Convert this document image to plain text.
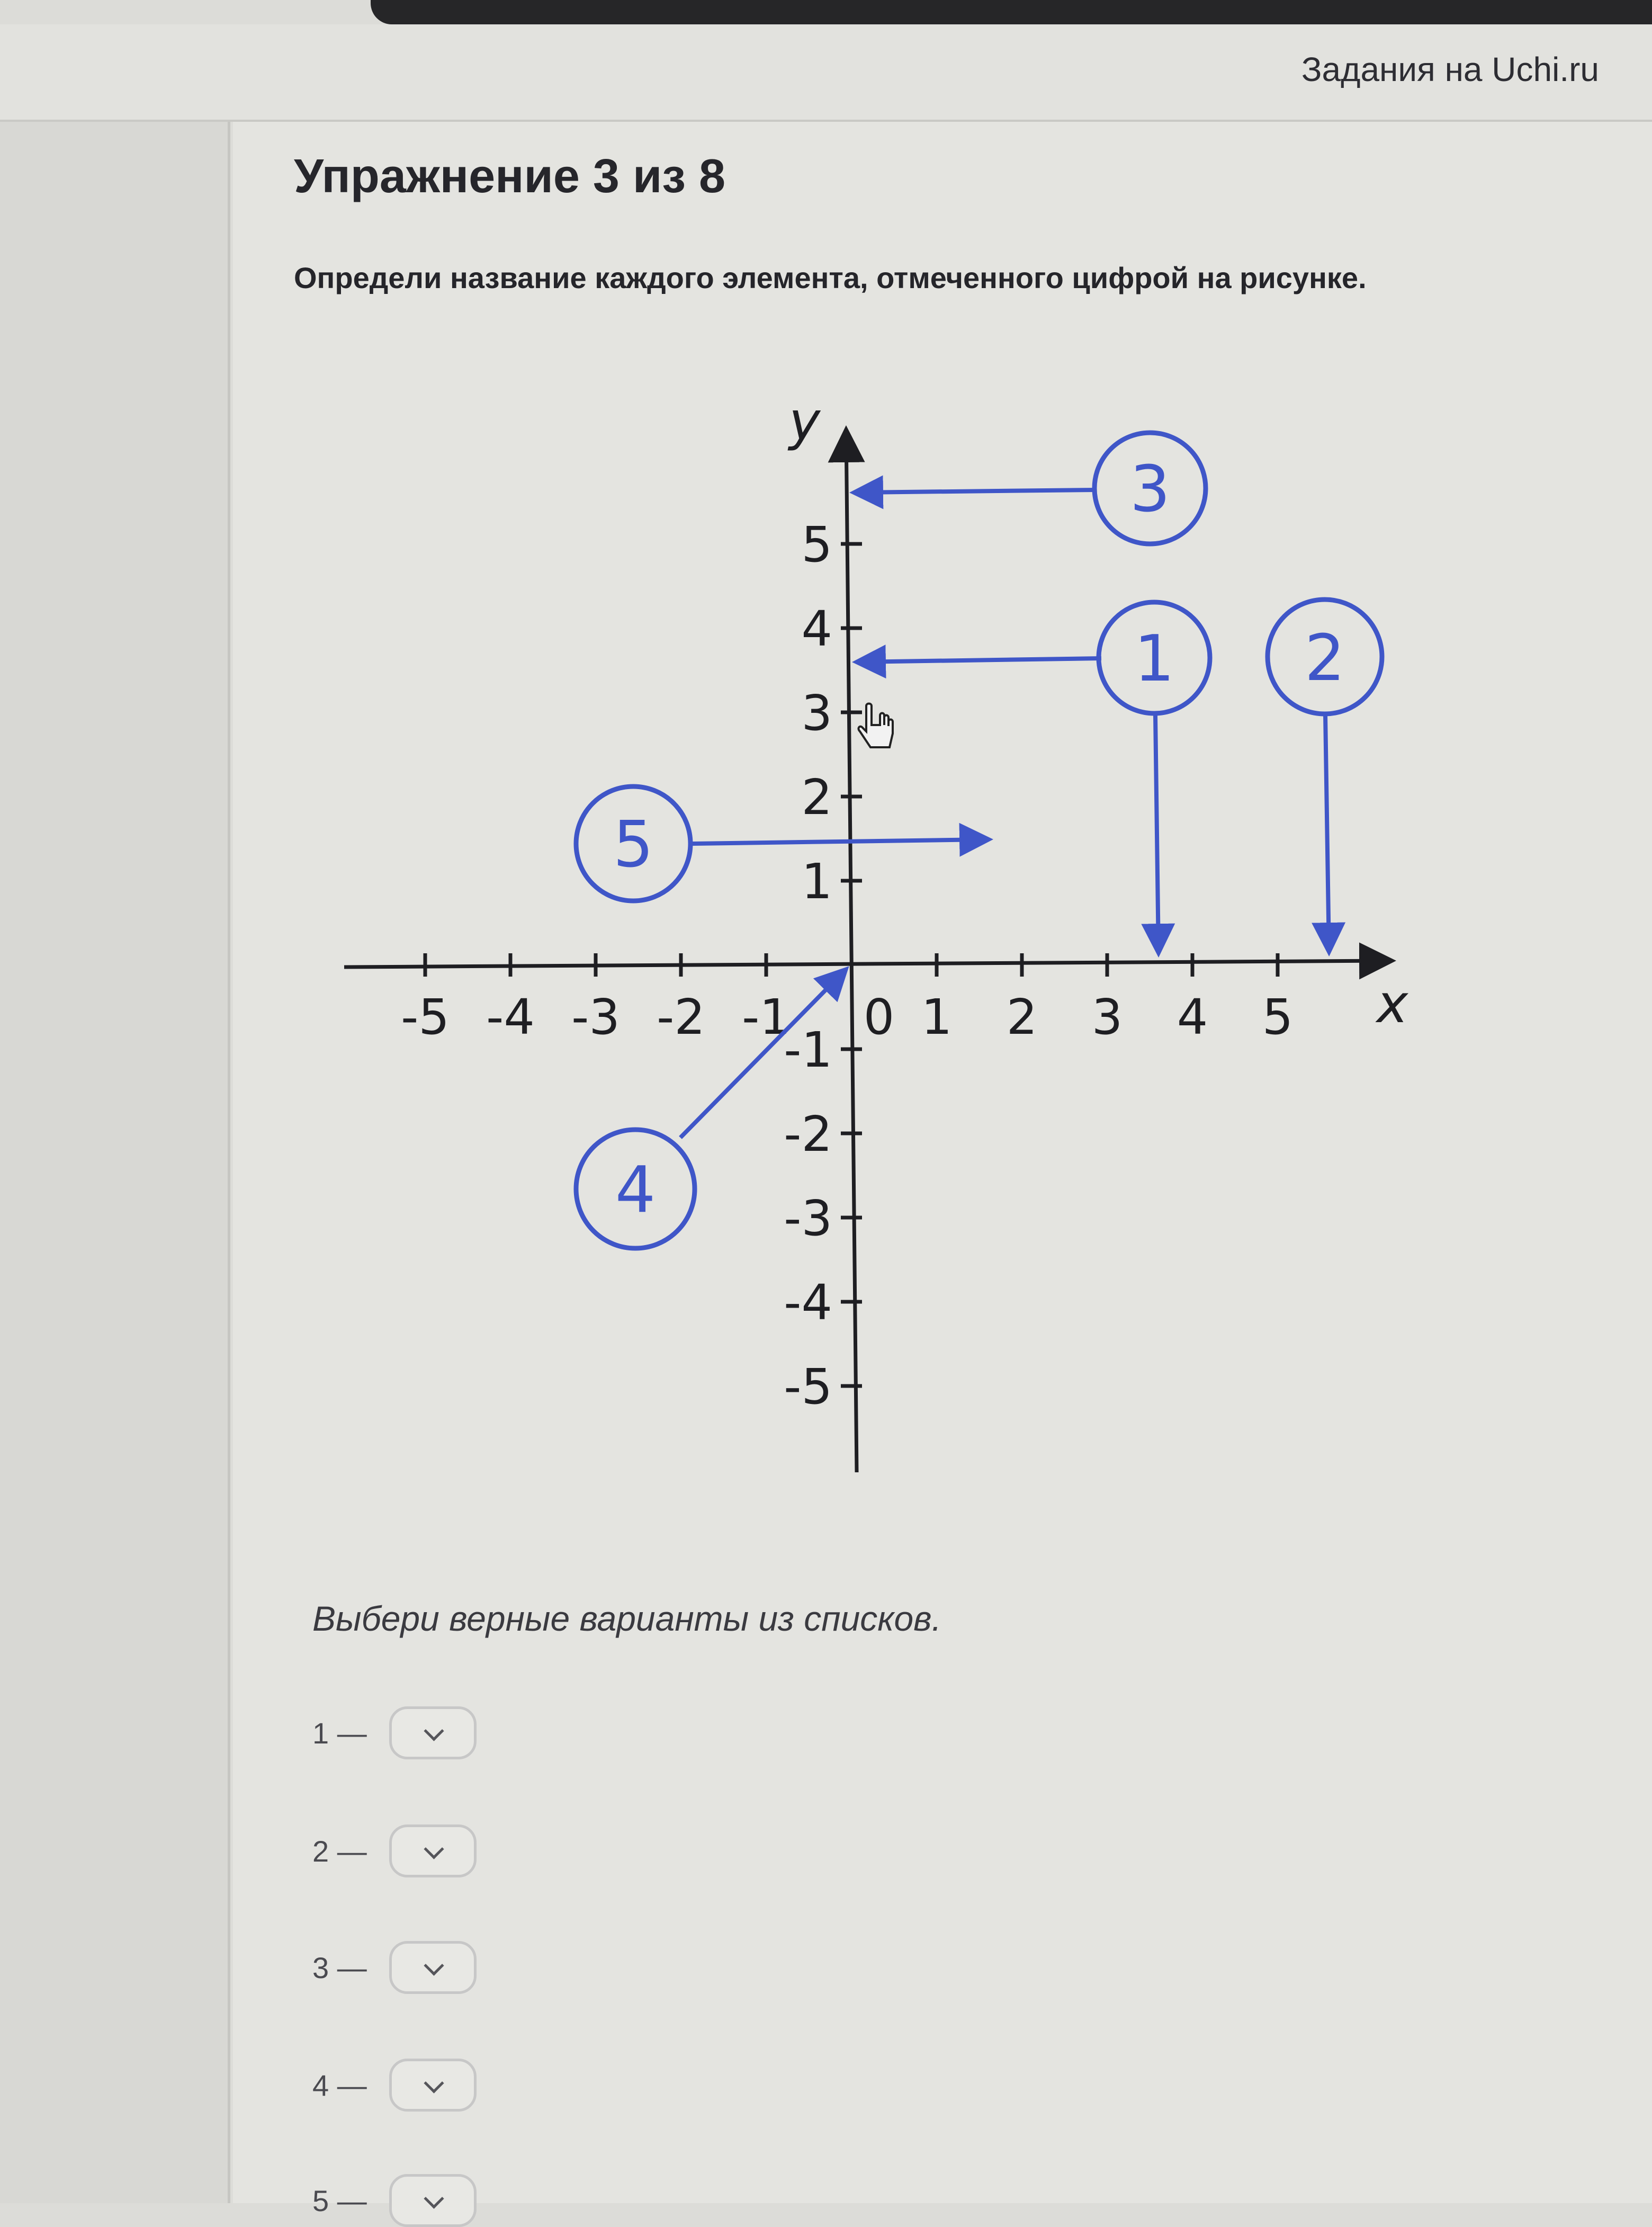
Задания на Uchi.ru
Упражнение 3 из 8
Определи название каждого элемента, отмеченного цифрой на рисунке.
-5 -4 -3 -2 -1 0 1 2 3 4 5
5
4
3
2
1
-1
-2
-3
-4
-5
y
x
3
1 2
5
4
Выбери верные варианты из списков.
1 —
2 —
3 —
4 —
5 —
